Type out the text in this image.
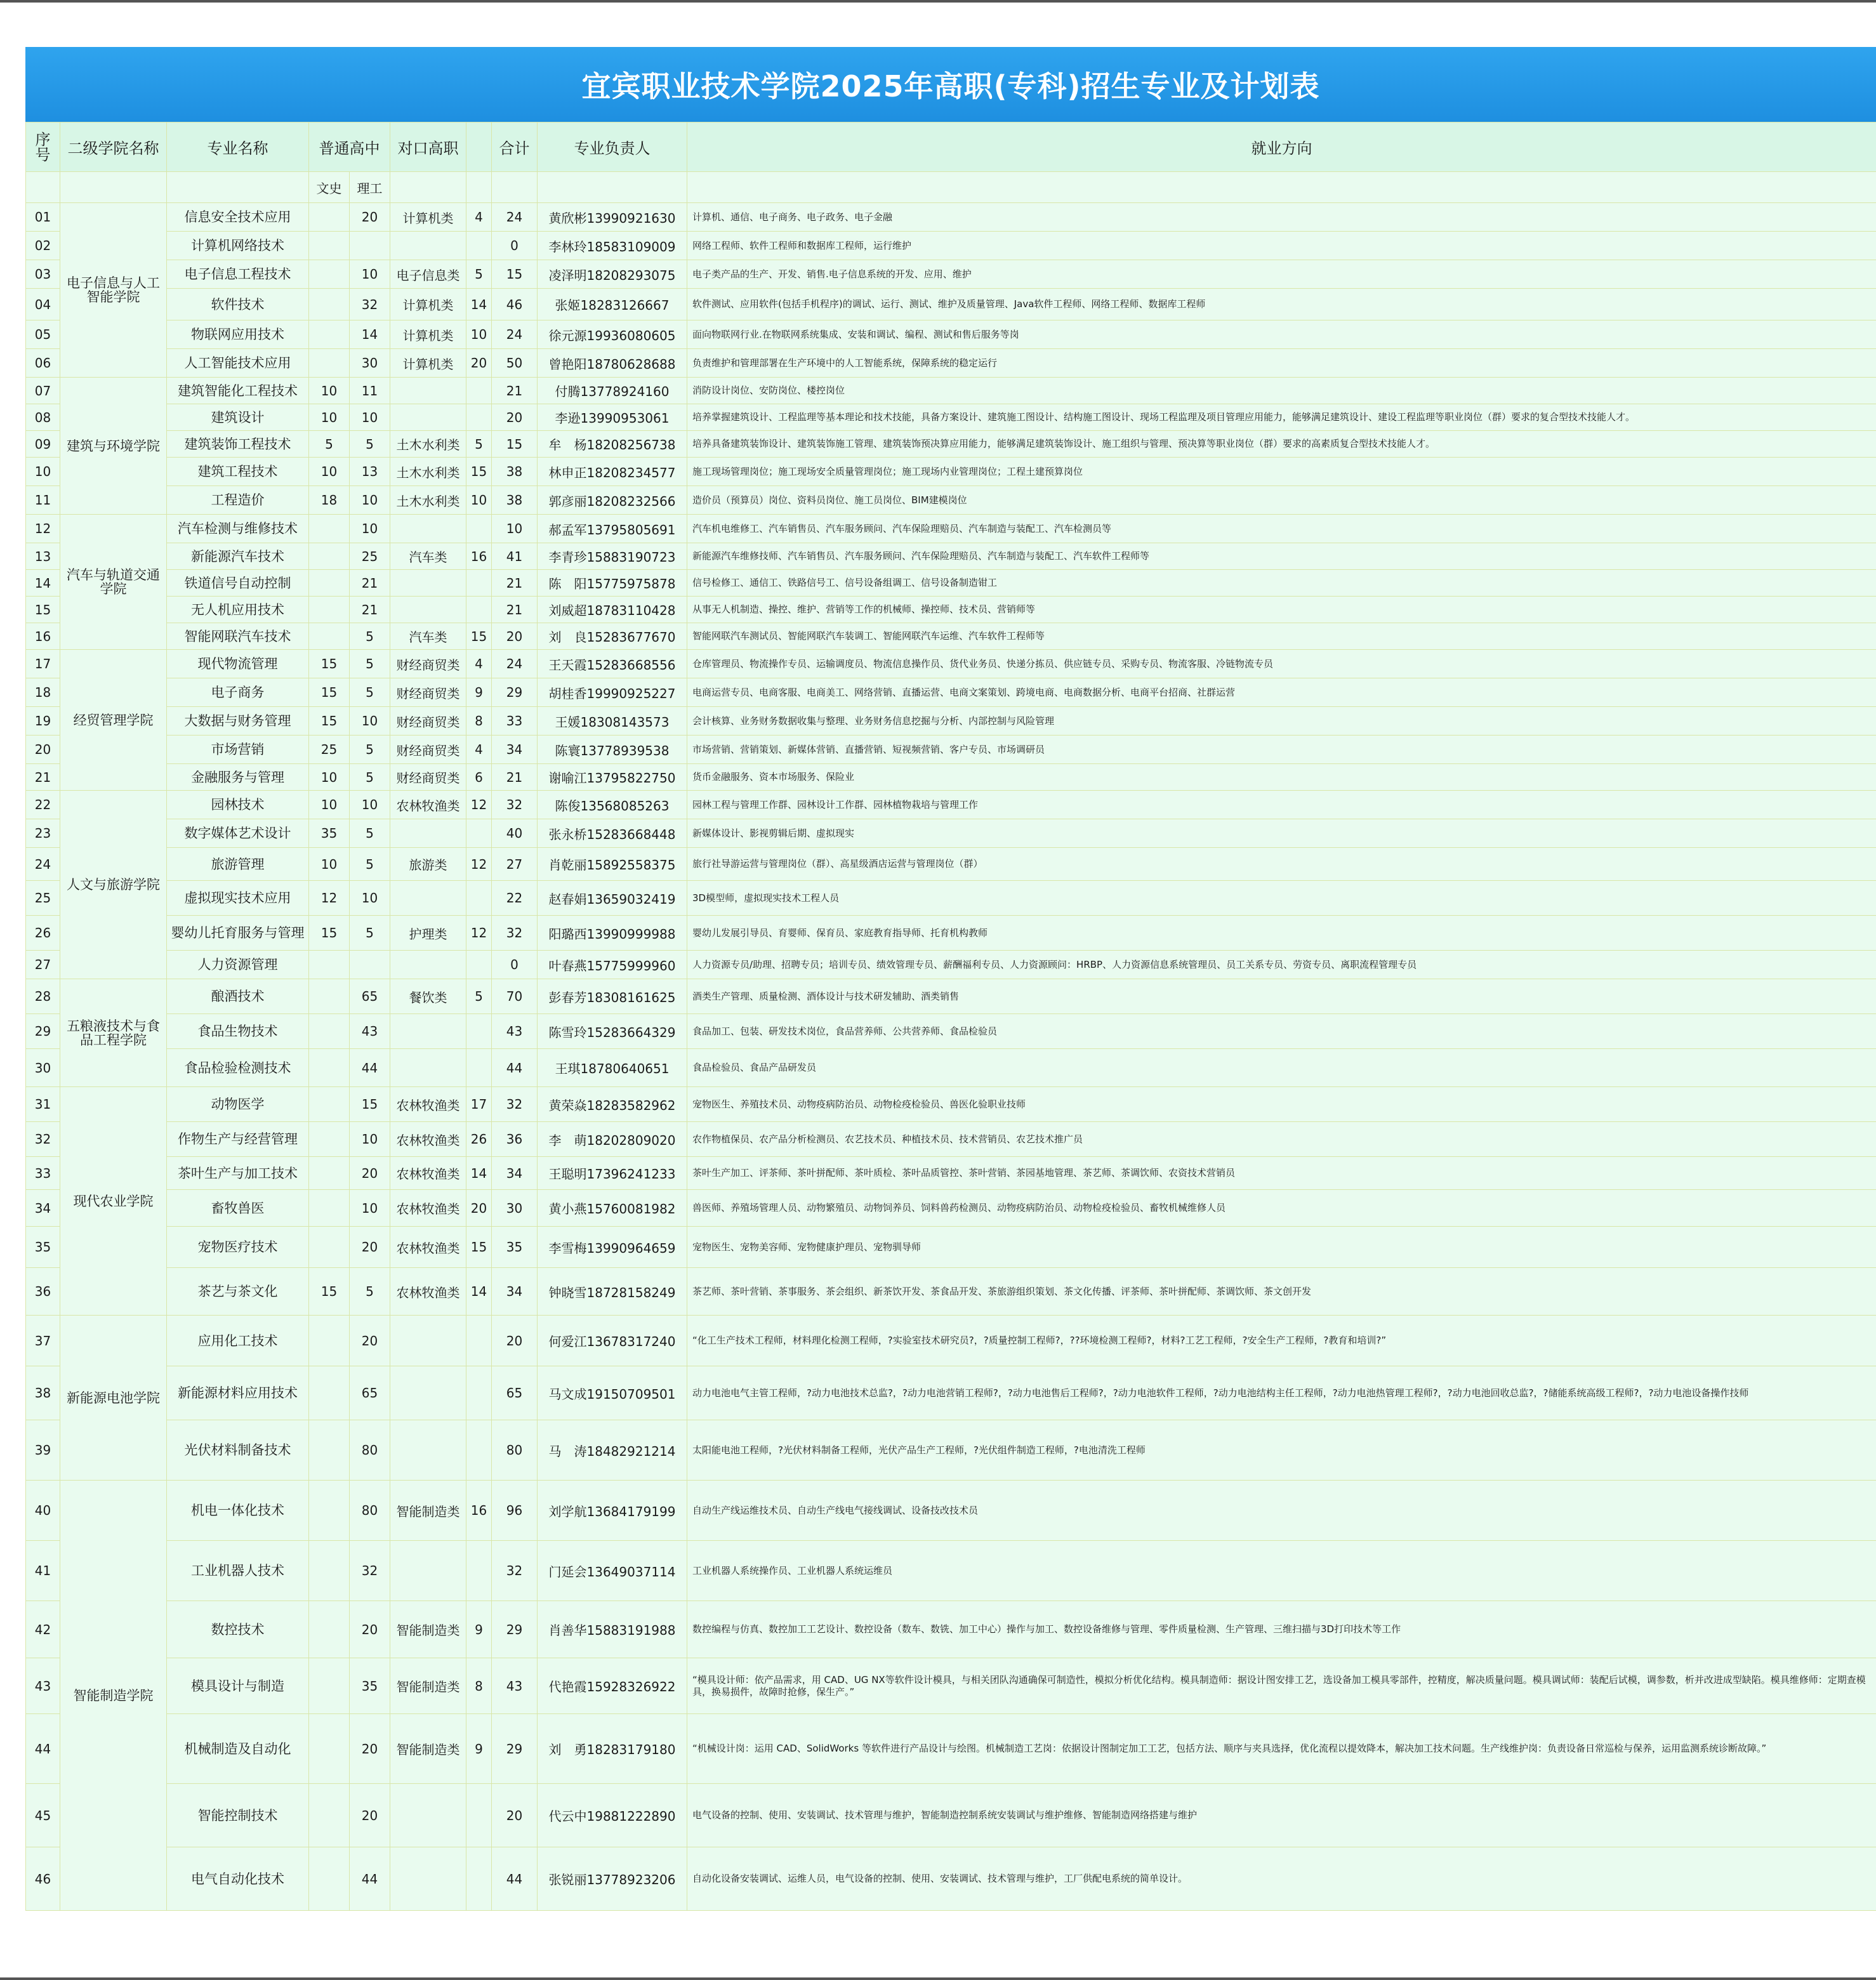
宜宾职业技术学院2025年高职(专科)招生专业及计划表
序号	二级学院名称	专业名称	普通高中		对口高职		合计	专业负责人	就业方向
			文史	理工					
01	电子信息与人工智能学院	信息安全技术应用		20	计算机类	4	24	黄欣彬13990921630	计算机、通信、电子商务、电子政务、电子金融
02		计算机网络技术					0	李林玲18583109009	网络工程师、软件工程师和数据库工程师，运行维护
03		电子信息工程技术		10	电子信息类	5	15	凌泽明18208293075	电子类产品的生产、开发、销售.电子信息系统的开发、应用、维护
04		软件技术		32	计算机类	14	46	张姬18283126667	软件测试、应用软件(包括手机程序)的调试、运行、测试、维护及质量管理、Java软件工程师、网络工程师、数据库工程师
05		物联网应用技术		14	计算机类	10	24	徐元源19936080605	面向物联网行业.在物联网系统集成、安装和调试、编程、测试和售后服务等岗
06		人工智能技术应用		30	计算机类	20	50	曾艳阳18780628688	负责维护和管理部署在生产环境中的人工智能系统，保障系统的稳定运行
07	建筑与环境学院	建筑智能化工程技术	10	11			21	付腾13778924160	消防设计岗位、安防岗位、楼控岗位
08		建筑设计	10	10			20	李逊13990953061	培养掌握建筑设计、工程监理等基本理论和技术技能，具备方案设计、建筑施工图设计、结构施工图设计、现场工程监理及项目管理应用能力，能够满足建筑设计、建设工程监理等职业岗位（群）要求的复合型技术技能人才。
09		建筑装饰工程技术	5	5	土木水利类	5	15	牟　杨18208256738	培养具备建筑装饰设计、建筑装饰施工管理、建筑装饰预决算应用能力，能够满足建筑装饰设计、施工组织与管理、预决算等职业岗位（群）要求的高素质复合型技术技能人才。
10		建筑工程技术	10	13	土木水利类	15	38	林申正18208234577	施工现场管理岗位；施工现场安全质量管理岗位；施工现场内业管理岗位；工程土建预算岗位
11		工程造价	18	10	土木水利类	10	38	郭彦丽18208232566	造价员（预算员）岗位、资料员岗位、施工员岗位、BIM建模岗位
12	汽车与轨道交通学院	汽车检测与维修技术		10			10	郝孟军13795805691	汽车机电维修工、汽车销售员、汽车服务顾问、汽车保险理赔员、汽车制造与装配工、汽车检测员等
13		新能源汽车技术		25	汽车类	16	41	李青珍15883190723	新能源汽车维修技师、汽车销售员、汽车服务顾问、汽车保险理赔员、汽车制造与装配工、汽车软件工程师等
14		铁道信号自动控制		21			21	陈　阳15775975878	信号检修工、通信工、铁路信号工、信号设备组调工、信号设备制造钳工
15		无人机应用技术		21			21	刘威超18783110428	从事无人机制造、操控、维护、营销等工作的机械师、操控师、技术员、营销师等
16		智能网联汽车技术		5	汽车类	15	20	刘　良15283677670	智能网联汽车测试员、智能网联汽车装调工、智能网联汽车运维、汽车软件工程师等
17	经贸管理学院	现代物流管理	15	5	财经商贸类	4	24	王天霞15283668556	仓库管理员、物流操作专员、运输调度员、物流信息操作员、货代业务员、快递分拣员、供应链专员、采购专员、物流客服、冷链物流专员
18		电子商务	15	5	财经商贸类	9	29	胡桂香19990925227	电商运营专员、电商客服、电商美工、网络营销、直播运营、电商文案策划、跨境电商、电商数据分析、电商平台招商、社群运营
19		大数据与财务管理	15	10	财经商贸类	8	33	王媛18308143573	会计核算、业务财务数据收集与整理、业务财务信息挖掘与分析、内部控制与风险管理
20		市场营销	25	5	财经商贸类	4	34	陈寰13778939538	市场营销、营销策划、新媒体营销、直播营销、短视频营销、客户专员、市场调研员
21		金融服务与管理	10	5	财经商贸类	6	21	谢喻江13795822750	货币金融服务、资本市场服务、保险业
22	人文与旅游学院	园林技术	10	10	农林牧渔类	12	32	陈俊13568085263	园林工程与管理工作群、园林设计工作群、园林植物栽培与管理工作
23		数字媒体艺术设计	35	5			40	张永桥15283668448	新媒体设计、影视剪辑后期、虚拟现实
24		旅游管理	10	5	旅游类	12	27	肖乾丽15892558375	旅行社导游运营与管理岗位（群）、高星级酒店运营与管理岗位（群）
25		虚拟现实技术应用	12	10			22	赵春娟13659032419	3D模型师，虚拟现实技术工程人员
26		婴幼儿托育服务与管理	15	5	护理类	12	32	阳璐西13990999988	婴幼儿发展引导员、育婴师、保育员、家庭教育指导师、托育机构教师
27		人力资源管理					0	叶春燕15775999960	人力资源专员/助理、招聘专员；培训专员、绩效管理专员、薪酬福利专员、人力资源顾问：HRBP、人力资源信息系统管理员、员工关系专员、劳资专员、离职流程管理专员
28	五粮液技术与食品工程学院	酿酒技术		65	餐饮类	5	70	彭春芳18308161625	酒类生产管理、质量检测、酒体设计与技术研发辅助、酒类销售
29		食品生物技术		43			43	陈雪玲15283664329	食品加工、包装、研发技术岗位，食品营养师、公共营养师、食品检验员
30		食品检验检测技术		44			44	王琪18780640651	食品检验员、食品产品研发员
31	现代农业学院	动物医学		15	农林牧渔类	17	32	黄荣焱18283582962	宠物医生、养殖技术员、动物疫病防治员、动物检疫检验员、兽医化验职业技师
32		作物生产与经营管理		10	农林牧渔类	26	36	李　萌18202809020	农作物植保员、农产品分析检测员、农艺技术员、种植技术员、技术营销员、农艺技术推广员
33		茶叶生产与加工技术		20	农林牧渔类	14	34	王聪明17396241233	茶叶生产加工、评茶师、茶叶拼配师、茶叶质检、茶叶品质管控、茶叶营销、茶园基地管理、茶艺师、茶调饮师、农资技术营销员
34		畜牧兽医		10	农林牧渔类	20	30	黄小燕15760081982	兽医师、养殖场管理人员、动物繁殖员、动物饲养员、饲料兽药检测员、动物疫病防治员、动物检疫检验员、畜牧机械维修人员
35		宠物医疗技术		20	农林牧渔类	15	35	李雪梅13990964659	宠物医生、宠物美容师、宠物健康护理员、宠物驯导师
36		茶艺与茶文化	15	5	农林牧渔类	14	34	钟晓雪18728158249	茶艺师、茶叶营销、茶事服务、茶会组织、新茶饮开发、茶食品开发、茶旅游组织策划、茶文化传播、评茶师、茶叶拼配师、茶调饮师、茶文创开发
37	新能源电池学院	应用化工技术		20			20	何爱江13678317240	“化工生产技术工程师，材料理化检测工程师，?实验室技术研究员?，?质量控制工程师?，??环境检测工程师?，材料?工艺工程师，?安全生产工程师，?教育和培训?”
38		新能源材料应用技术		65			65	马文成19150709501	动力电池电气主管工程师，?动力电池技术总监?，?动力电池营销工程师?，?动力电池售后工程师?，?动力电池软件工程师，?动力电池结构主任工程师，?动力电池热管理工程师?，?动力电池回收总监?，?储能系统高级工程师?，?动力电池设备操作技师
39		光伏材料制备技术		80			80	马　涛18482921214	太阳能电池工程师，?光伏材料制备工程师，光伏产品生产工程师，?光伏组件制造工程师，?电池清洗工程师
40	智能制造学院	机电一体化技术		80	智能制造类	16	96	刘学航13684179199	自动生产线运维技术员、自动生产线电气接线调试、设备技改技术员
41		工业机器人技术		32			32	门延会13649037114	工业机器人系统操作员、工业机器人系统运维员
42		数控技术		20	智能制造类	9	29	肖善华15883191988	数控编程与仿真、数控加工工艺设计、数控设备（数车、数铣、加工中心）操作与加工、数控设备维修与管理、零件质量检测、生产管理、三维扫描与3D打印技术等工作
43		模具设计与制造		35	智能制造类	8	43	代艳霞15928326922	“模具设计师：依产品需求，用 CAD、UG NX等软件设计模具，与相关团队沟通确保可制造性，模拟分析优化结构。模具制造师：据设计图安排工艺，选设备加工模具零部件，控精度，解决质量问题。模具调试师：装配后试模，调参数，析并改进成型缺陷。模具维修师：定期查模具，换易损件，故障时抢修，保生产。”
44		机械制造及自动化		20	智能制造类	9	29	刘　勇18283179180	“机械设计岗：运用 CAD、SolidWorks 等软件进行产品设计与绘图。机械制造工艺岗：依据设计图制定加工工艺，包括方法、顺序与夹具选择，优化流程以提效降本，解决加工技术问题。生产线维护岗：负责设备日常巡检与保养，运用监测系统诊断故障。”
45		智能控制技术		20			20	代云中19881222890	电气设备的控制、使用、安装调试、技术管理与维护，智能制造控制系统安装调试与维护维修、智能制造网络搭建与维护
46		电气自动化技术		44			44	张锐丽13778923206	自动化设备安装调试、运维人员，电气设备的控制、使用、安装调试、技术管理与维护，工厂供配电系统的简单设计。
